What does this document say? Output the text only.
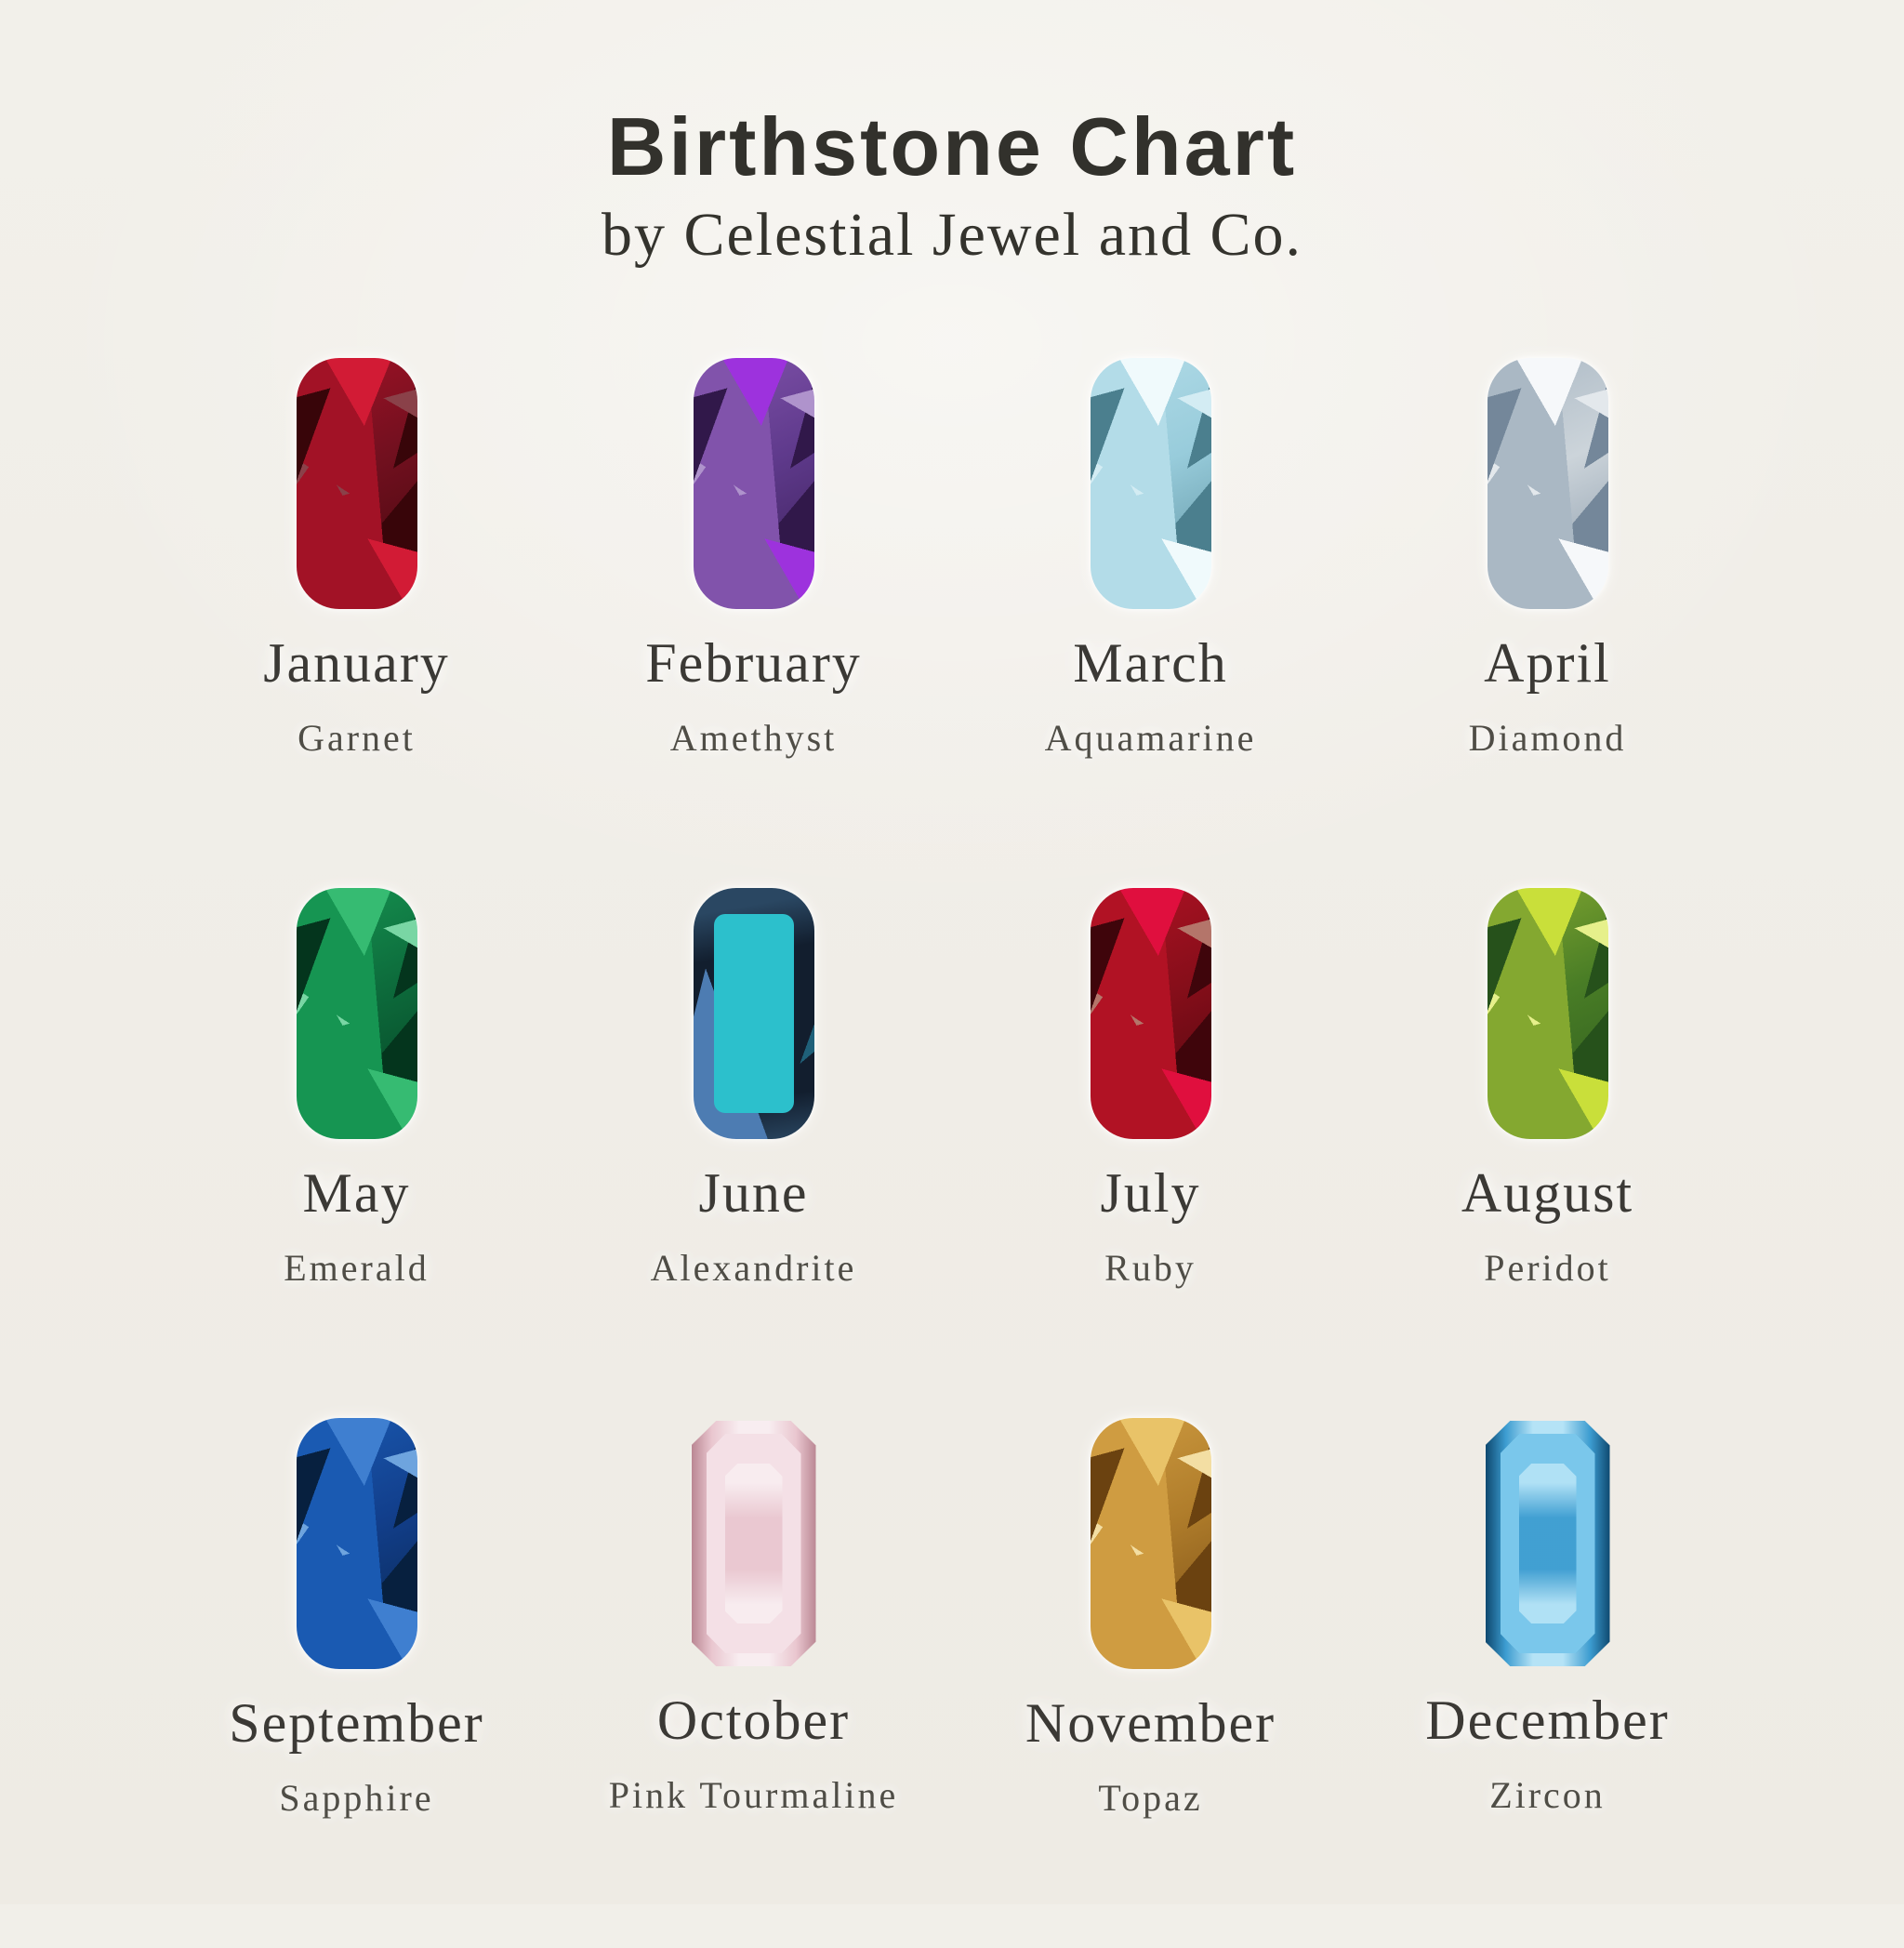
Birthstone Chart

by Celestial Jewel and Co.

January
Garnet
February
Amethyst
March
Aquamarine
April
Diamond
May
Emerald
June
Alexandrite
July
Ruby
August
Peridot
September
Sapphire
October
Pink Tourmaline
November
Topaz
December
Zircon
